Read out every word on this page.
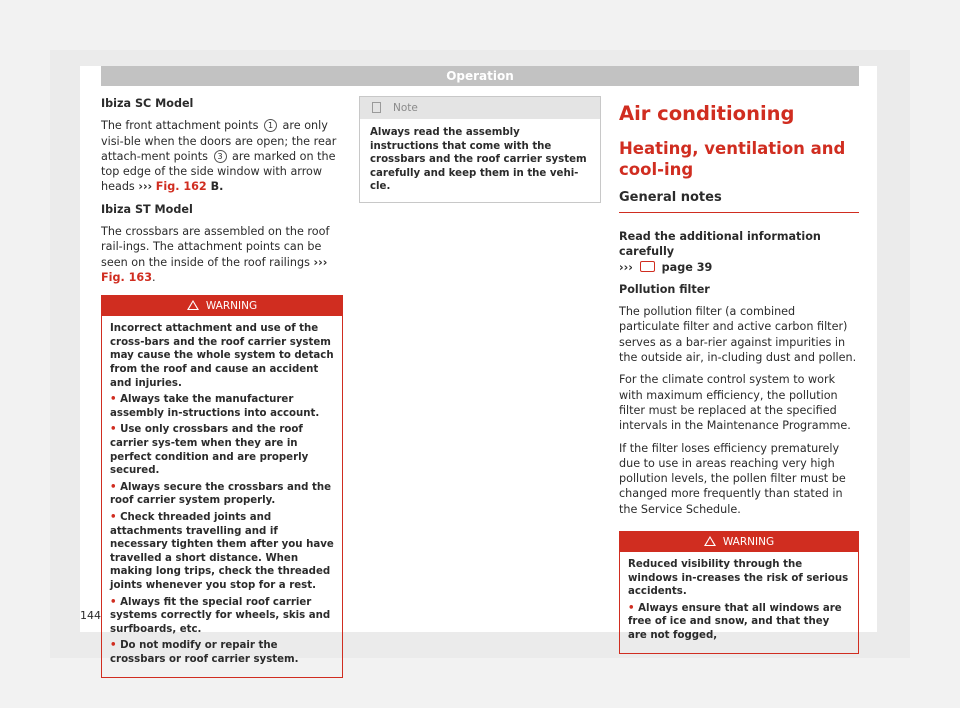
Operation

Ibiza SC Model

The front attachment points 1 are only visi-ble when the doors are open; the rear attach-ment points 3 are marked on the top edge of the side window with arrow heads ››› Fig. 162 B.

Ibiza ST Model

The crossbars are assembled on the roof rail-ings. The attachment points can be seen on the inside of the roof railings ››› Fig. 163.

WARNING

Incorrect attachment and use of the cross-bars and the roof carrier system may cause the whole system to detach from the roof and cause an accident and injuries.

• Always take the manufacturer assembly in-structions into account.

• Use only crossbars and the roof carrier sys-tem when they are in perfect condition and are properly secured.

• Always secure the crossbars and the roof carrier system properly.

• Check threaded joints and attachments travelling and if necessary tighten them after you have travelled a short distance. When making long trips, check the threaded joints whenever you stop for a rest.

• Always fit the special roof carrier systems correctly for wheels, skis and surfboards, etc.

• Do not modify or repair the crossbars or roof carrier system.

Note
Always read the assembly instructions that come with the crossbars and the roof carrier system carefully and keep them in the vehi-cle.
Air conditioning
Heating, ventilation and cool-ing
General notes

Read the additional information carefully
›››	page 39

Pollution filter

The pollution filter (a combined particulate filter and active carbon filter) serves as a bar-rier against impurities in the outside air, in-cluding dust and pollen.

For the climate control system to work with maximum efficiency, the pollution filter must be replaced at the specified intervals in the Maintenance Programme.

If the filter loses efficiency prematurely due to use in areas reaching very high pollution levels, the pollen filter must be changed more frequently than stated in the Service Schedule.

WARNING

Reduced visibility through the windows in-creases the risk of serious accidents.

• Always ensure that all windows are free of ice and snow, and that they are not fogged,

144
